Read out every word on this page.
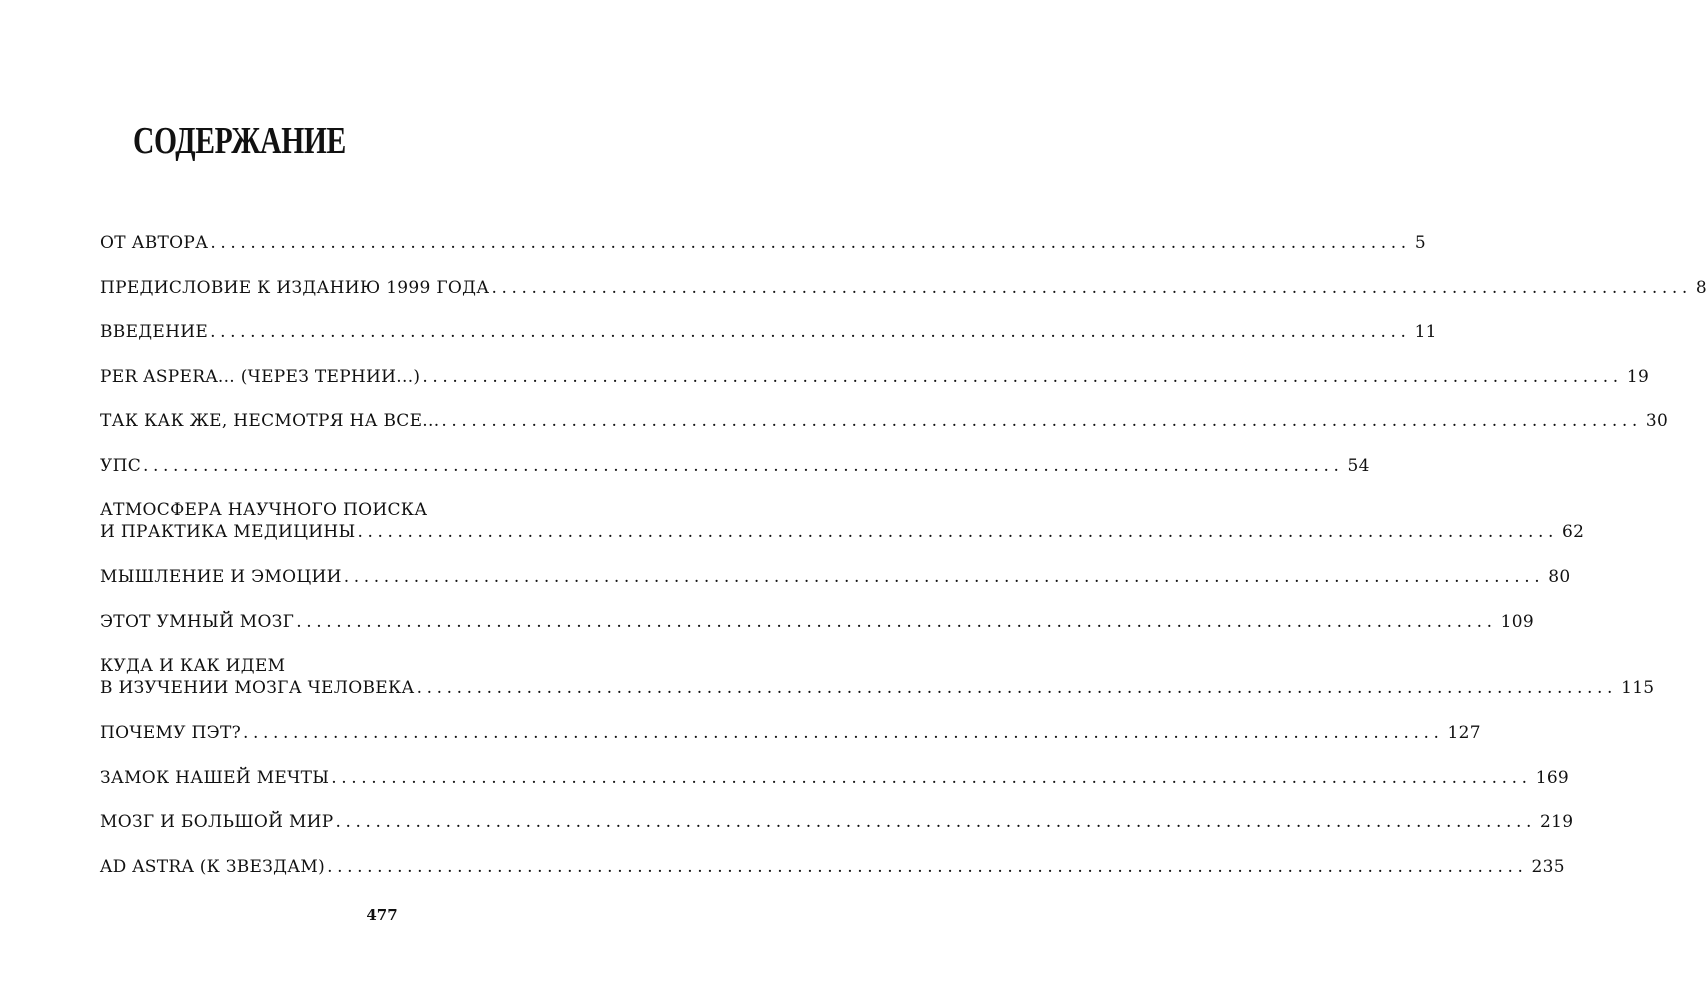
СОДЕРЖАНИЕ
ОТ АВТОРА ........................................................................................................................ 5
ПРЕДИСЛОВИЕ К ИЗДАНИЮ 1999 ГОДА ........................................................................................................................ 8
ВВЕДЕНИЕ ........................................................................................................................ 11
PER ASPERA... (ЧЕРЕЗ ТЕРНИИ...) ........................................................................................................................ 19
ТАК КАК ЖЕ, НЕСМОТРЯ НА ВСЕ... ........................................................................................................................ 30
УПС ........................................................................................................................ 54
АТМОСФЕРА НАУЧНОГО ПОИСКА
И ПРАКТИКА МЕДИЦИНЫ ........................................................................................................................ 62
МЫШЛЕНИЕ И ЭМОЦИИ ........................................................................................................................ 80
ЭТОТ УМНЫЙ МОЗГ ........................................................................................................................ 109
КУДА И КАК ИДЕМ
В ИЗУЧЕНИИ МОЗГА ЧЕЛОВЕКА ........................................................................................................................ 115
ПОЧЕМУ ПЭТ? ........................................................................................................................ 127
ЗАМОК НАШЕЙ МЕЧТЫ ........................................................................................................................ 169
МОЗГ И БОЛЬШОЙ МИР ........................................................................................................................ 219
AD ASTRA (К ЗВЕЗДАМ) ........................................................................................................................ 235
477
